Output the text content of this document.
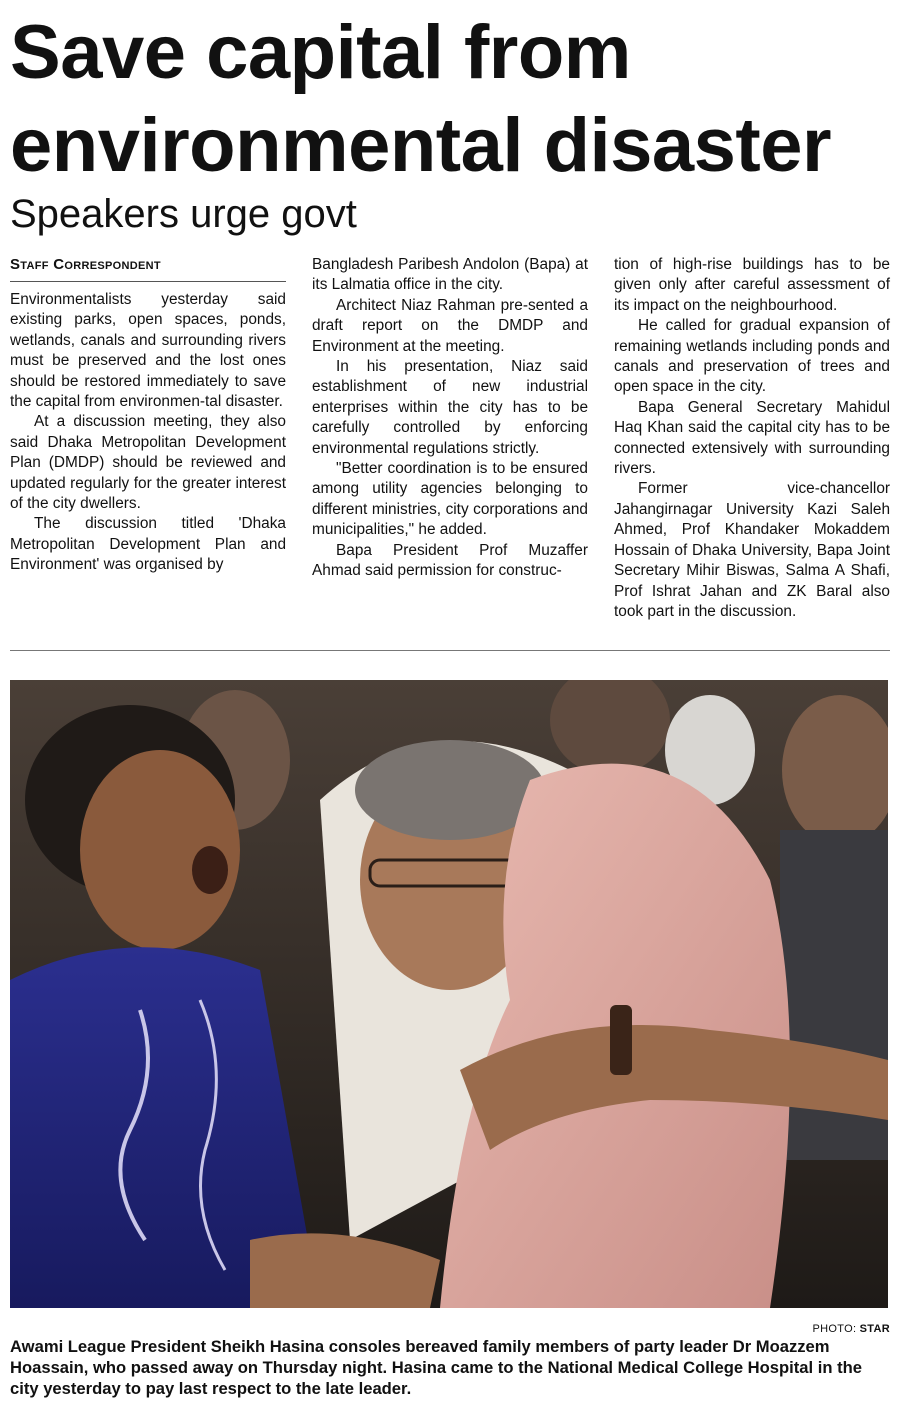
Save capital from environmental disaster
Speakers urge govt
Staff Correspondent

Environmentalists yesterday said existing parks, open spaces, ponds, wetlands, canals and surrounding rivers must be preserved and the lost ones should be restored immediately to save the capital from environmen-tal disaster.

At a discussion meeting, they also said Dhaka Metropolitan Development Plan (DMDP) should be reviewed and updated regularly for the greater interest of the city dwellers.

The discussion titled 'Dhaka Metropolitan Development Plan and Environment' was organised by

Bangladesh Paribesh Andolon (Bapa) at its Lalmatia office in the city.

Architect Niaz Rahman pre-sented a draft report on the DMDP and Environment at the meeting.

In his presentation, Niaz said establishment of new industrial enterprises within the city has to be carefully controlled by enforcing environmental regulations strictly.

"Better coordination is to be ensured among utility agencies belonging to different ministries, city corporations and municipalities," he added.

Bapa President Prof Muzaffer Ahmad said permission for construc-

tion of high-rise buildings has to be given only after careful assessment of its impact on the neighbourhood.

He called for gradual expansion of remaining wetlands including ponds and canals and preservation of trees and open space in the city.

Bapa General Secretary Mahidul Haq Khan said the capital city has to be connected extensively with surrounding rivers.

Former vice-chancellor Jahangirnagar University Kazi Saleh Ahmed, Prof Khandaker Mokaddem Hossain of Dhaka University, Bapa Joint Secretary Mihir Biswas, Salma A Shafi, Prof Ishrat Jahan and ZK Baral also took part in the discussion.

PHOTO: STAR

Awami League President Sheikh Hasina consoles bereaved family members of party leader Dr Moazzem Hoassain, who passed away on Thursday night. Hasina came to the National Medical College Hospital in the city yesterday to pay last respect to the late leader.
